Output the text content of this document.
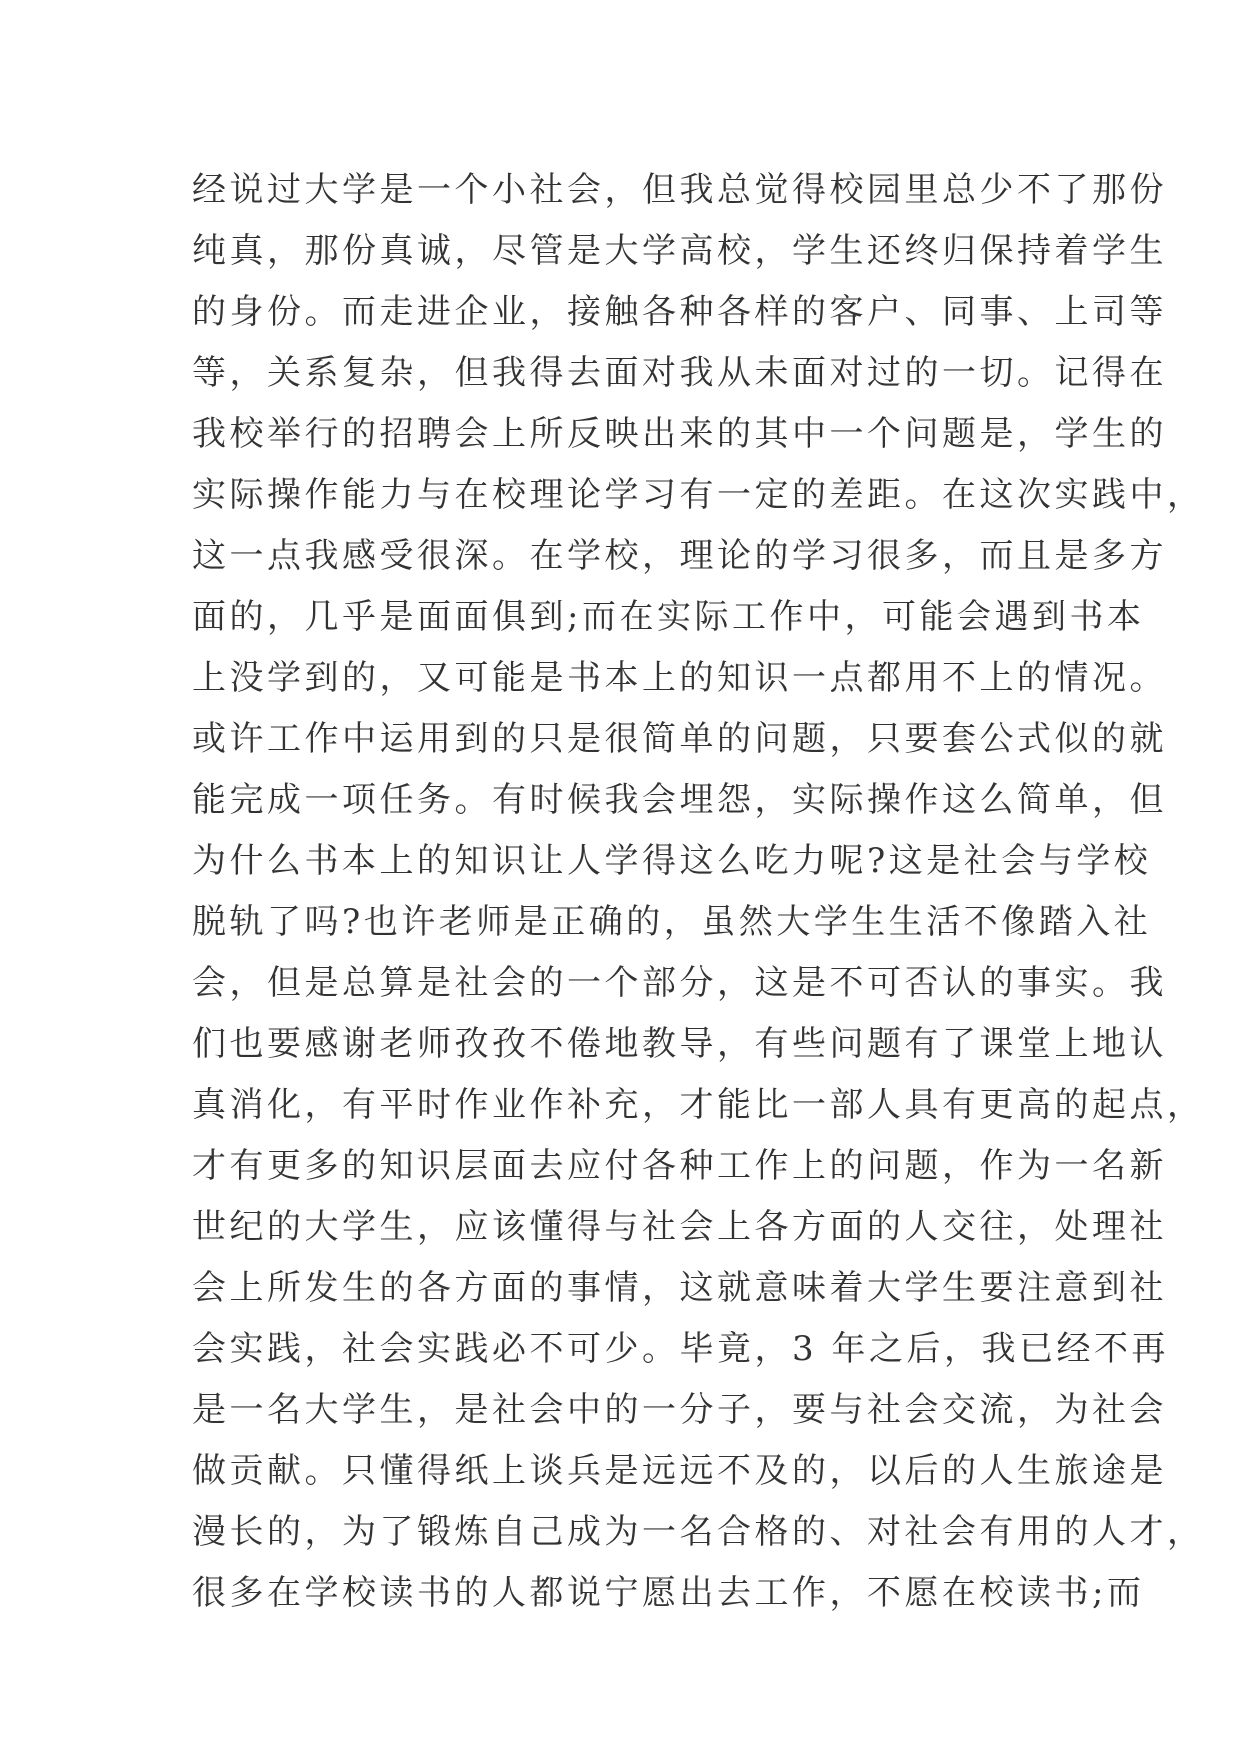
经说过大学是一个小社会，但我总觉得校园里总少不了那份
纯真，那份真诚，尽管是大学高校，学生还终归保持着学生
的身份。而走进企业，接触各种各样的客户、同事、上司等
等，关系复杂，但我得去面对我从未面对过的一切。记得在
我校举行的招聘会上所反映出来的其中一个问题是，学生的
实际操作能力与在校理论学习有一定的差距。在这次实践中，
这一点我感受很深。在学校，理论的学习很多，而且是多方
面的，几乎是面面俱到;而在实际工作中，可能会遇到书本
上没学到的，又可能是书本上的知识一点都用不上的情况。
或许工作中运用到的只是很简单的问题，只要套公式似的就
能完成一项任务。有时候我会埋怨，实际操作这么简单，但
为什么书本上的知识让人学得这么吃力呢?这是社会与学校
脱轨了吗?也许老师是正确的，虽然大学生生活不像踏入社
会，但是总算是社会的一个部分，这是不可否认的事实。我
们也要感谢老师孜孜不倦地教导，有些问题有了课堂上地认
真消化，有平时作业作补充，才能比一部人具有更高的起点，
才有更多的知识层面去应付各种工作上的问题，作为一名新
世纪的大学生，应该懂得与社会上各方面的人交往，处理社
会上所发生的各方面的事情，这就意味着大学生要注意到社
会实践，社会实践必不可少。毕竟，3 年之后，我已经不再
是一名大学生，是社会中的一分子，要与社会交流，为社会
做贡献。只懂得纸上谈兵是远远不及的，以后的人生旅途是
漫长的，为了锻炼自己成为一名合格的、对社会有用的人才，
很多在学校读书的人都说宁愿出去工作，不愿在校读书;而
